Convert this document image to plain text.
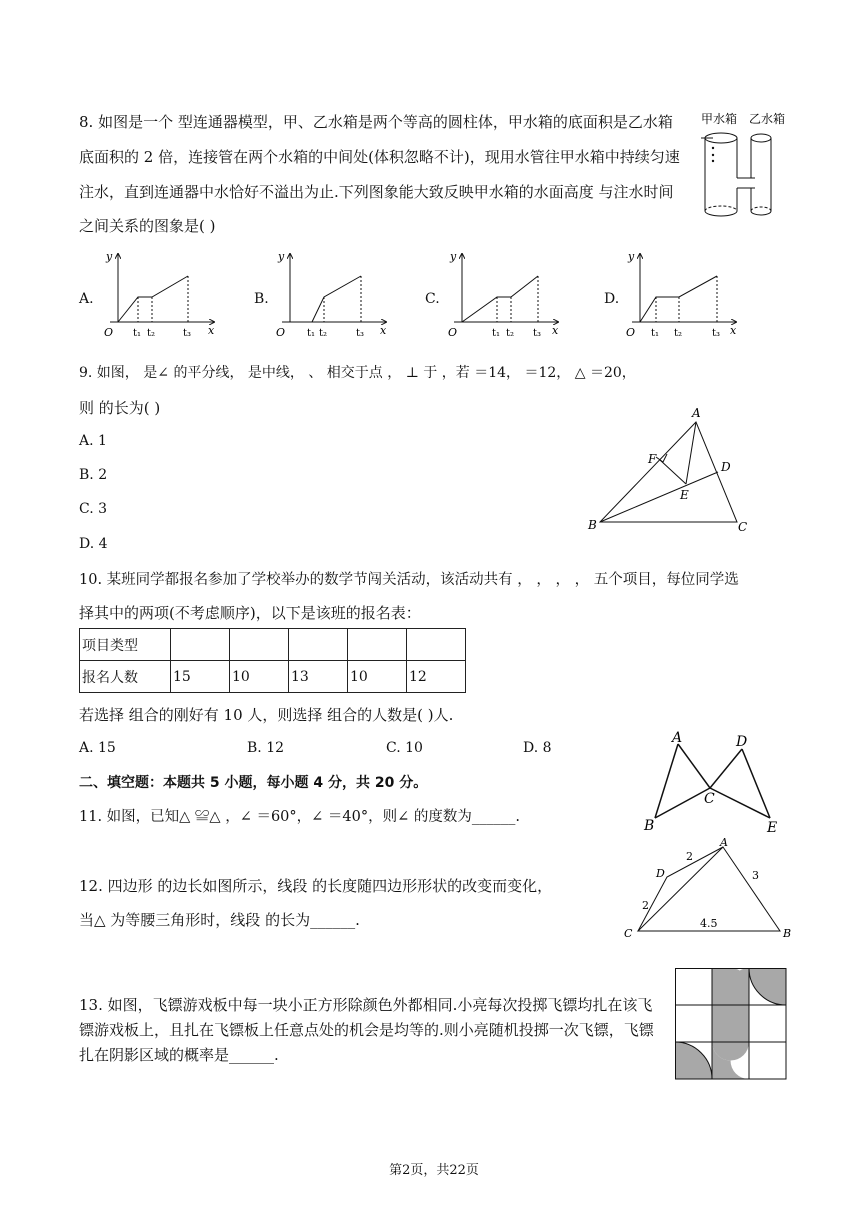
8. 如图是一个 型连通器模型，甲、乙水箱是两个等高的圆柱体，甲水箱的底面积是乙水箱
底面积的 2 倍，连接管在两个水箱的中间处(体积忽略不计)，现用水管往甲水箱中持续匀速
注水，直到连通器中水恰好不溢出为止.下列图象能大致反映甲水箱的水面高度 与注水时间
之间关系的图象是( )
甲水箱 乙水箱
A.
y
x
O t₁ t₂	t₃
B.
y
x
O t₁ t₂	t₃
C.
y
x
O	t₁ t₂ t₃
D.
y
x
O t₁ t₂	t₃
9. 如图， 是∠ 的平分线， 是中线， 、 相交于点 ， ⊥ 于 ，若 ＝14， ＝12， △ ＝20，
则 的长为( )
A. 1
B. 2
C. 3
D. 4
A
B	C
D
E
F
10. 某班同学都报名参加了学校举办的数学节闯关活动，该活动共有 ， ， ， ， 五个项目，每位同学选
择其中的两项(不考虑顺序)，以下是该班的报名表：
项目类型					
报名人数	15	10	13	10	12
若选择 组合的刚好有 10 人，则选择 组合的人数是( )人.
A. 15	B. 12	C. 10	D. 8
二、填空题：本题共 5 小题，每小题 4 分，共 20 分。
11. 如图，已知△ ≌△ ，∠ ＝60°，∠ ＝40°，则∠ 的度数为______.
A	D
C
B	E
12. 四边形 的边长如图所示，线段 的长度随四边形形状的改变而变化，
当△ 为等腰三角形时，线段 的长为______.
A
B
C
D
2
2
3
4.5
13. 如图，飞镖游戏板中每一块小正方形除颜色外都相同.小亮每次投掷飞镖均扎在该飞
镖游戏板上，且扎在飞镖板上任意点处的机会是均等的.则小亮随机投掷一次飞镖，飞镖
扎在阴影区域的概率是______.
第2页，共22页
